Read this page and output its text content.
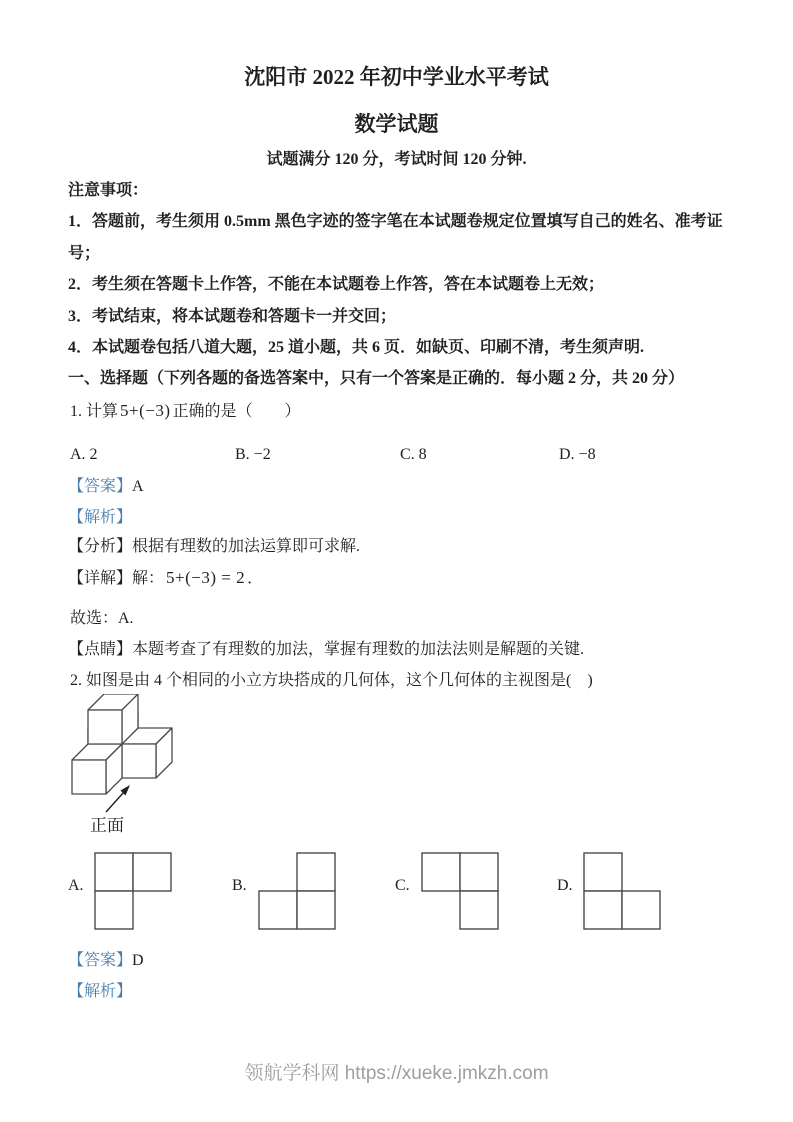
沈阳市 2022 年初中学业水平考试
数学试题
试题满分 120 分，考试时间 120 分钟.
注意事项：
1．答题前，考生须用 0.5mm 黑色字迹的签字笔在本试题卷规定位置填写自己的姓名、准考证
号；
2．考生须在答题卡上作答，不能在本试题卷上作答，答在本试题卷上无效；
3．考试结束，将本试题卷和答题卡一并交回；
4．本试题卷包括八道大题，25 道小题，共 6 页．如缺页、印刷不清，考生须声明.
一、选择题（下列各题的备选答案中，只有一个答案是正确的．每小题 2 分，共 20 分）
1. 计算 5+(−3) 正确的是（　　）
A. 2	B. −2	C. 8	D. −8
【答案】A
【解析】
【分析】根据有理数的加法运算即可求解.
【详解】解： 5+(−3) = 2 ．
故选：A.
【点睛】本题考查了有理数的加法，掌握有理数的加法法则是解题的关键.
2. 如图是由 4 个相同的小立方块搭成的几何体，这个几何体的主视图是(　)
正面
A.	B.	C.	D.
【答案】D
【解析】
领航学科网 https://xueke.jmkzh.com
